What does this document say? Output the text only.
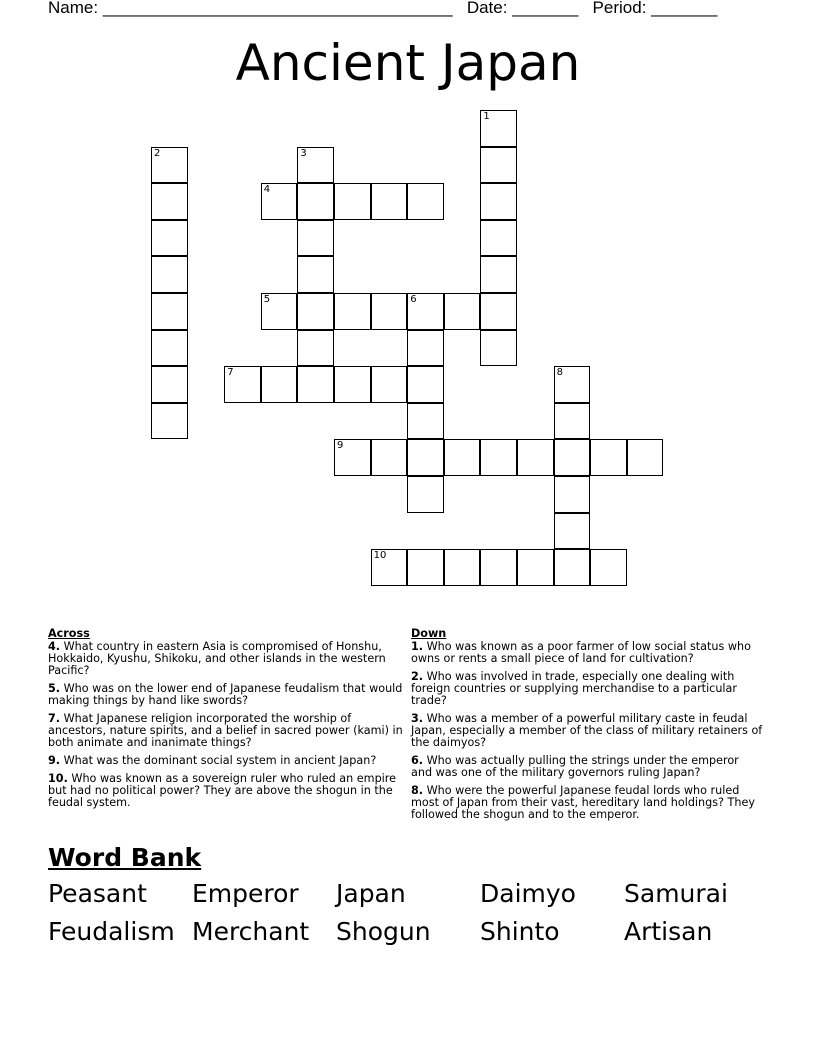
Name: _____________________________________ Date: _______ Period: _______
Ancient Japan
1
2	3
4
5	6
7	8
9
10
Across
4. What country in eastern Asia is compromised of Honshu, Hokkaido, Kyushu, Shikoku, and other islands in the western Pacific?
5. Who was on the lower end of Japanese feudalism that would making things by hand like swords?
7. What Japanese religion incorporated the worship of ancestors, nature spirits, and a belief in sacred power (kami) in both animate and inanimate things?
9. What was the dominant social system in ancient Japan?
10. Who was known as a sovereign ruler who ruled an empire but had no political power? They are above the shogun in the feudal system.
Down
1. Who was known as a poor farmer of low social status who owns or rents a small piece of land for cultivation?
2. Who was involved in trade, especially one dealing with foreign countries or supplying merchandise to a particular trade?
3. Who was a member of a powerful military caste in feudal Japan, especially a member of the class of military retainers of the daimyos?
6. Who was actually pulling the strings under the emperor and was one of the military governors ruling Japan?
8. Who were the powerful Japanese feudal lords who ruled most of Japan from their vast, hereditary land holdings? They followed the shogun and to the emperor.
Word Bank
Peasant	Emperor	Japan	Daimyo	Samurai
Feudalism Merchant	Shogun	Shinto	Artisan
